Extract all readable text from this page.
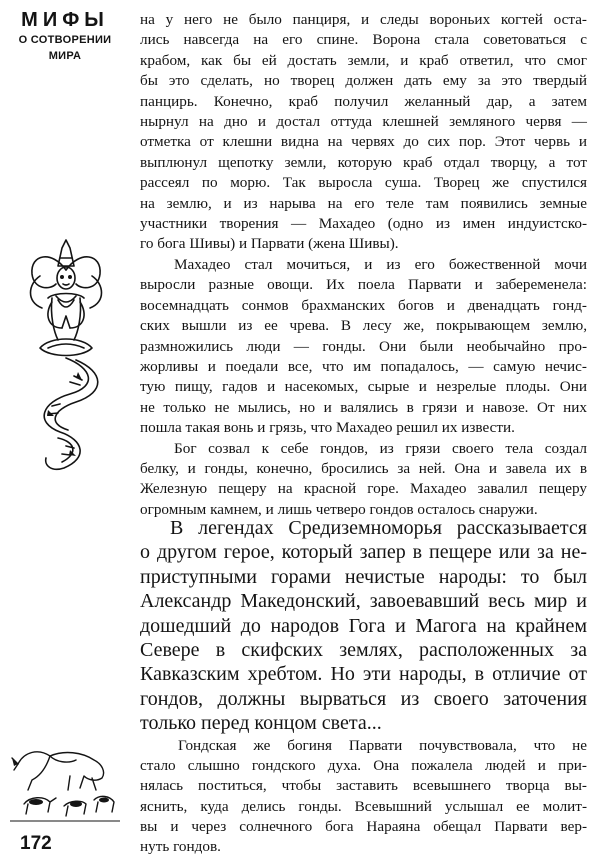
МИФЫ
О СОТВОРЕНИИ
МИРА
172
на у него не было панциря, и следы вороньих когтей оста-
лись навсегда на его спине. Ворона стала советоваться с
крабом, как бы ей достать земли, и краб ответил, что смог
бы это сделать, но творец должен дать ему за это твердый
панцирь. Конечно, краб получил желанный дар, а затем
нырнул на дно и достал оттуда клешней земляного червя —
отметка от клешни видна на червях до сих пор. Этот червь и
выплюнул щепотку земли, которую краб отдал творцу, а тот
рассеял по морю. Так выросла суша. Творец же спустился
на землю, и из нарыва на его теле там появились земные
участники творения — Махадео (одно из имен индуистско-
го бога Шивы) и Парвати (жена Шивы).
Махадео стал мочиться, и из его божественной мочи
выросли разные овощи. Их поела Парвати и забеременела:
восемнадцать сонмов брахманских богов и двенадцать гонд-
ских вышли из ее чрева. В лесу же, покрывающем землю,
размножились люди — гонды. Они были необычайно про-
жорливы и поедали все, что им попадалось, — самую нечис-
тую пищу, гадов и насекомых, сырые и незрелые плоды. Они
не только не мылись, но и валялись в грязи и навозе. От них
пошла такая вонь и грязь, что Махадео решил их извести.
Бог созвал к себе гондов, из грязи своего тела создал
белку, и гонды, конечно, бросились за ней. Она и завела их в
Железную пещеру на красной горе. Махадео завалил пещеру
огромным камнем, и лишь четверо гондов осталось снаружи.
В легендах Средиземноморья рассказывается
о другом герое, который запер в пещере или за не-
приступными горами нечистые народы: то был
Александр Македонский, завоевавший весь мир и
дошедший до народов Гога и Магога на крайнем
Севере в скифских землях, расположенных за
Кавказским хребтом. Но эти народы, в отличие от
гондов, должны вырваться из своего заточения
только перед концом света...
Гондская же богиня Парвати почувствовала, что не
стало слышно гондского духа. Она пожалела людей и при-
нялась поститься, чтобы заставить всевышнего творца вы-
яснить, куда делись гонды. Всевышний услышал ее молит-
вы и через солнечного бога Нараяна обещал Парвати вер-
нуть гондов.
